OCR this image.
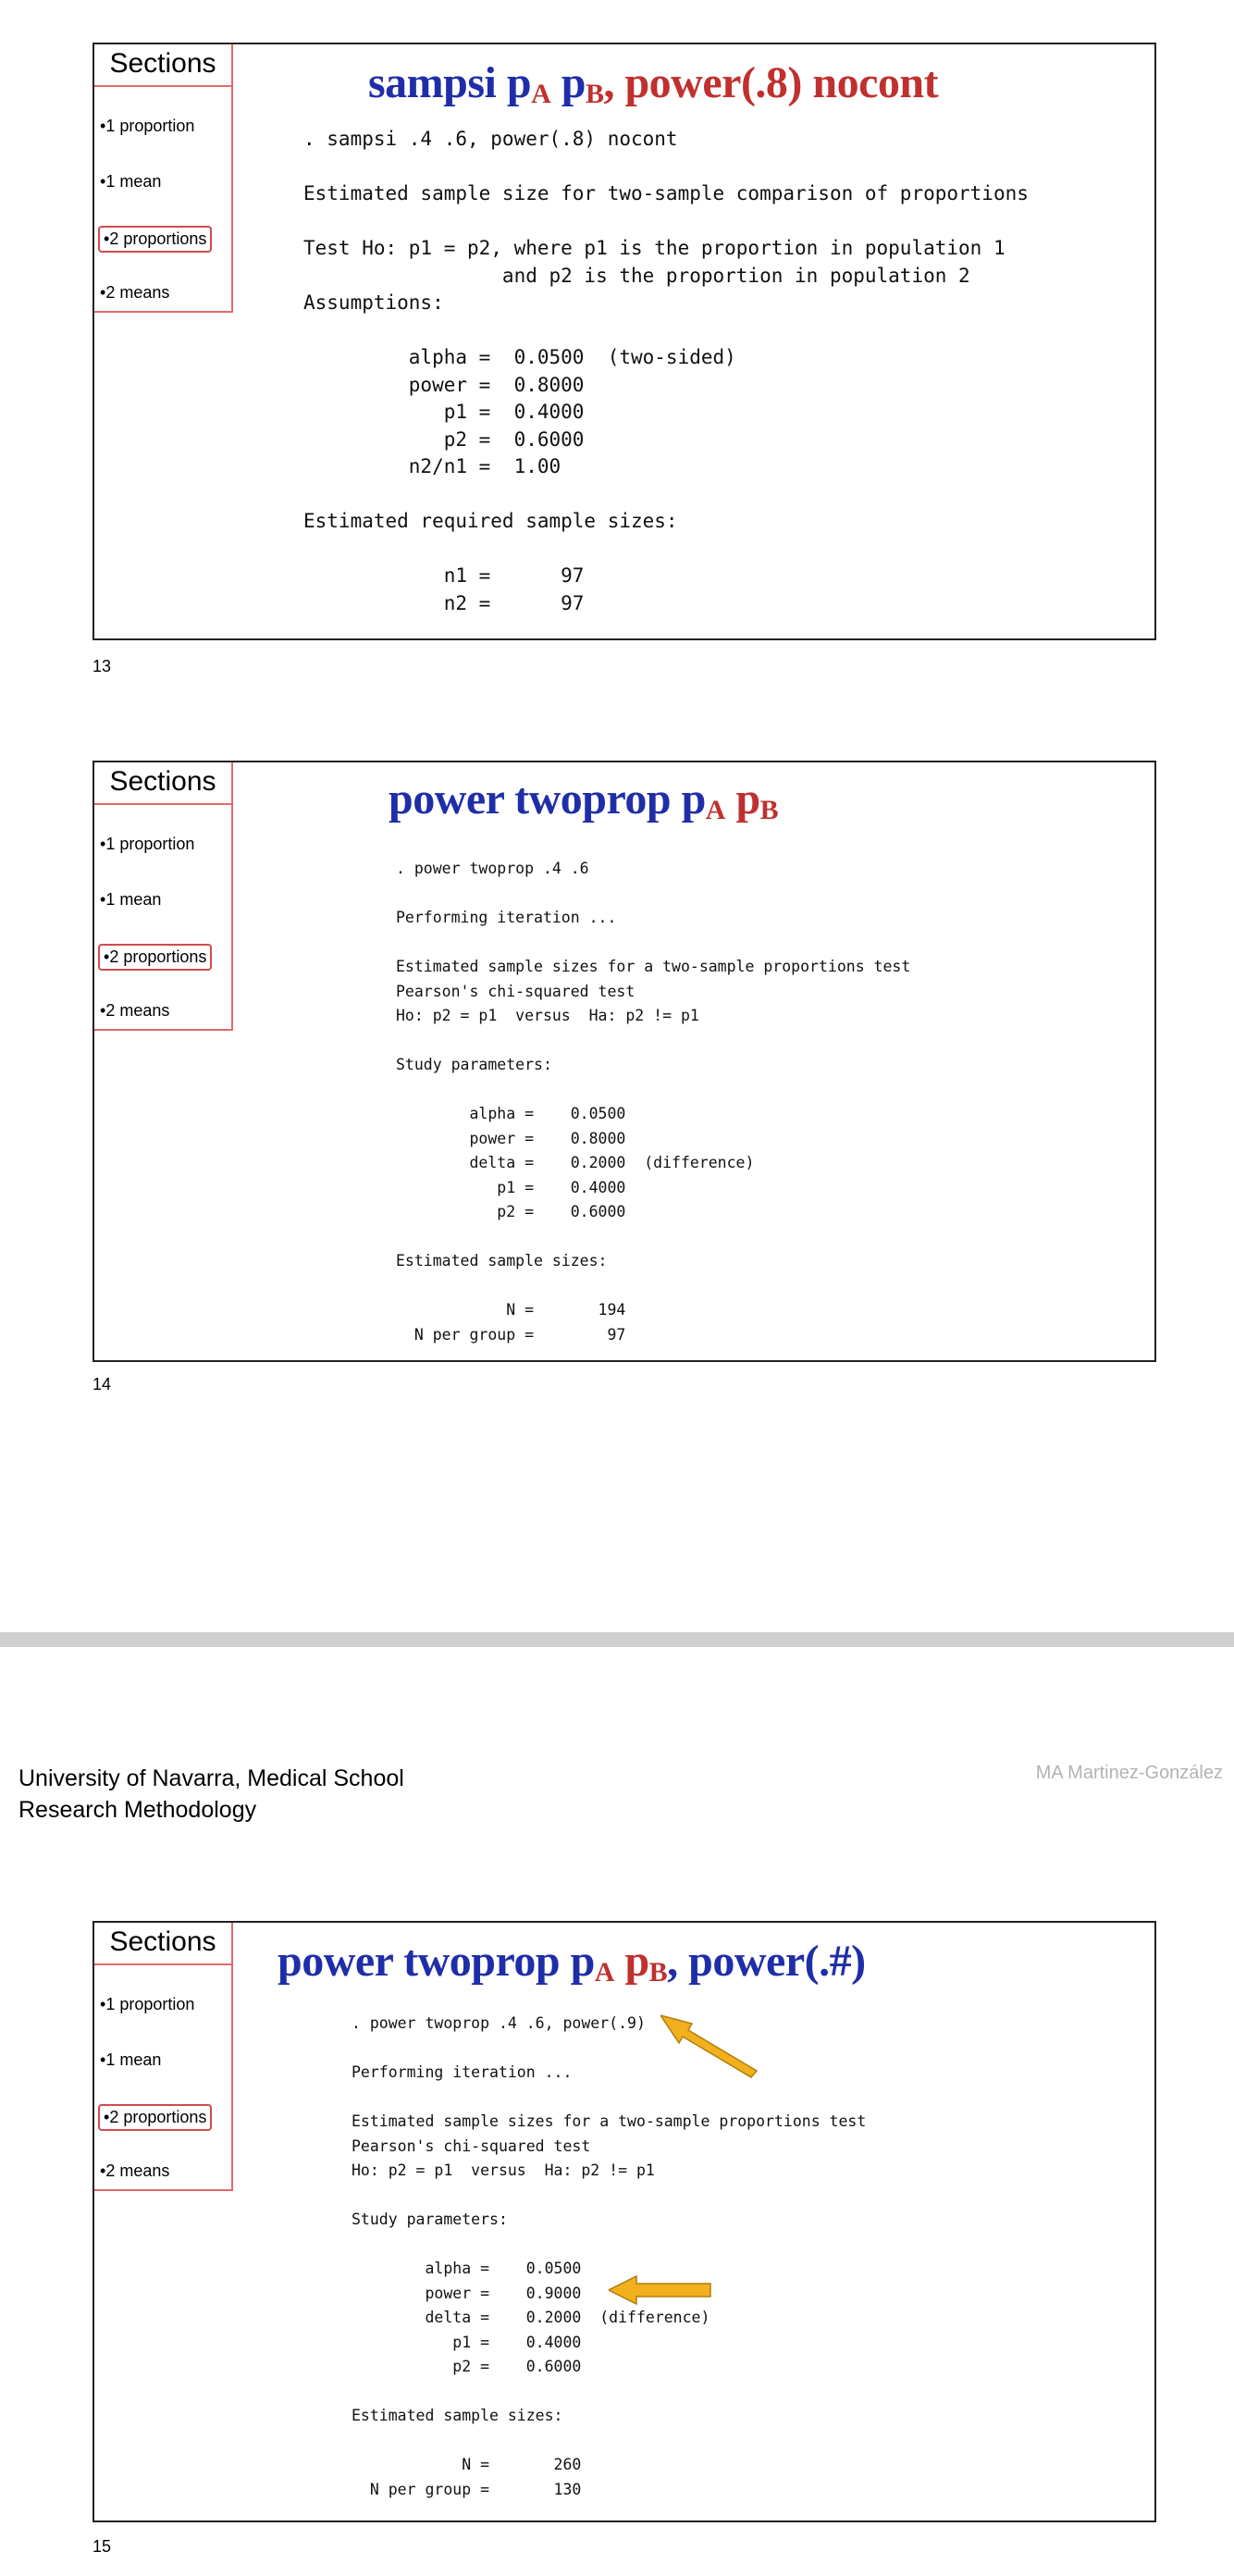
Sections
• 1 proportion
• 1 mean
• 2 proportions
• 2 means
sampsi $p_A$ $p_B$, power(.8) nocont
. sampsi .4 .6, power(.8) nocont

Estimated sample size for two-sample comparison of proportions

Test Ho: p1 = p2, where p1 is the proportion in population 1
and p2 is the proportion in population 2
Assumptions:

alpha =  0.0500  (two-sided)
power =  0.8000
p1 =  0.4000
p2 =  0.6000
n2/n1 =  1.00

Estimated required sample sizes:

n1 =      97
n2 =      97
13
Sections
• 1 proportion
• 1 mean
• 2 proportions
• 2 means
power twoprop $p_A$ $p_B$
. power twoprop .4 .6

Performing iteration ...

Estimated sample sizes for a two-sample proportions test
Pearson's chi-squared test
Ho: p2 = p1  versus  Ha: p2 != p1

Study parameters:

alpha =    0.0500
power =    0.8000
delta =    0.2000  (difference)
p1 =    0.4000
p2 =    0.6000

Estimated sample sizes:

N =       194
N per group =        97
14
University of Navarra, Medical School
Research Methodology
MA Martinez-González
Sections
• 1 proportion
• 1 mean
• 2 proportions
• 2 means
power twoprop $p_A$ $p_B$, power(.#)
. power twoprop .4 .6, power(.9)

Performing iteration ...

Estimated sample sizes for a two-sample proportions test
Pearson's chi-squared test
Ho: p2 = p1  versus  Ha: p2 != p1

Study parameters:

alpha =    0.0500
power =    0.9000
delta =    0.2000  (difference)
p1 =    0.4000
p2 =    0.6000

Estimated sample sizes:

N =       260
N per group =       130
15
